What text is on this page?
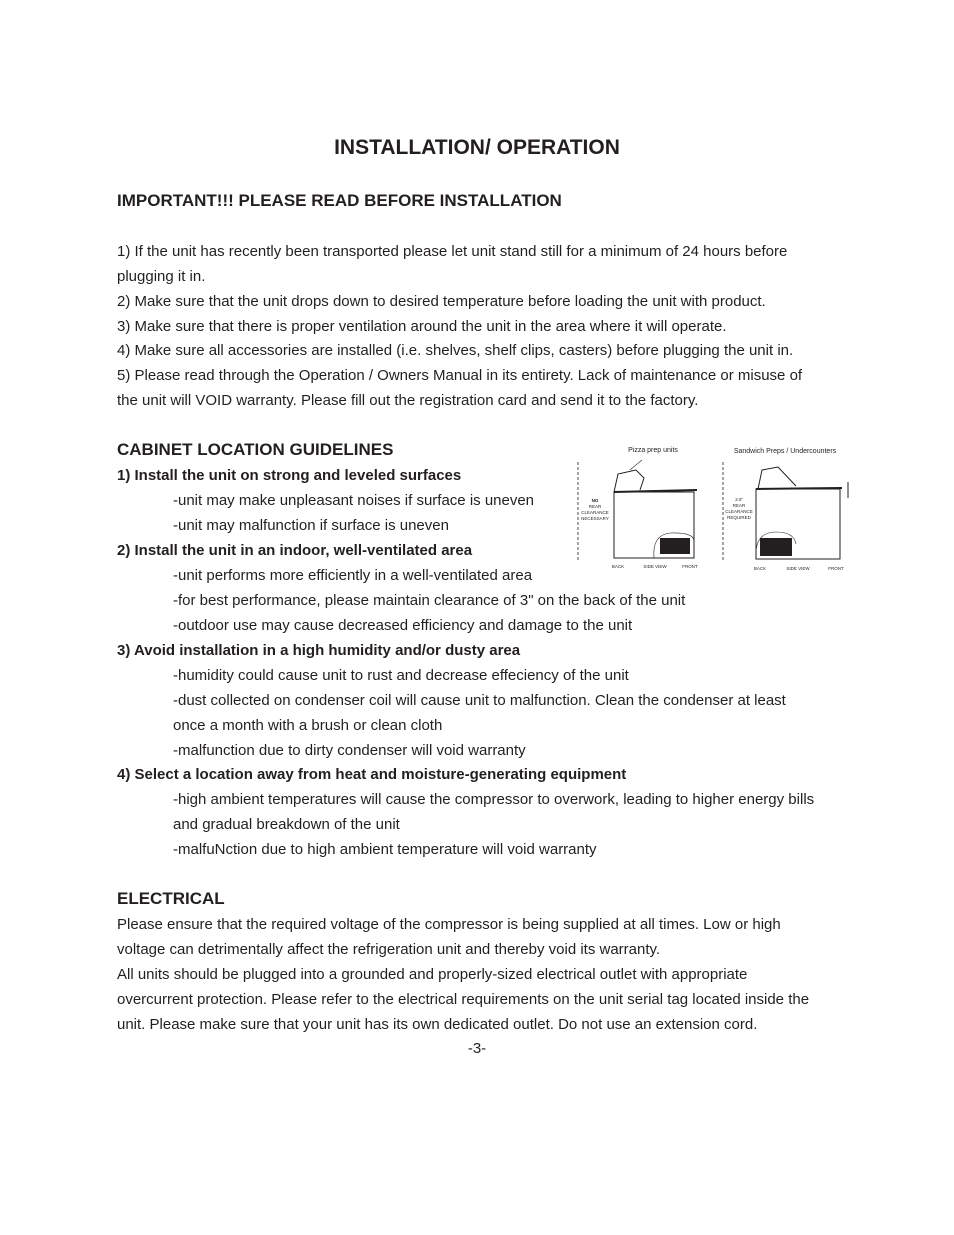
INSTALLATION/ OPERATION
IMPORTANT!!! PLEASE READ BEFORE INSTALLATION
1) If the unit has recently been transported please let unit stand still for a minimum of 24 hours before
plugging it in.
2) Make sure that the unit drops down to desired temperature before loading the unit with product.
3) Make sure that there is proper ventilation around the unit in the area where it will operate.
4) Make sure all accessories are installed (i.e. shelves, shelf clips, casters) before plugging the unit in.
5) Please read through the Operation / Owners Manual in its entirety. Lack of maintenance or misuse of
the unit will VOID warranty. Please fill out the registration card and send it to the factory.
CABINET LOCATION GUIDELINES
1) Install the unit on strong and leveled surfaces
-unit may make unpleasant noises if surface is uneven
-unit may malfunction if surface is uneven
2) Install the unit in an indoor, well-ventilated area
-unit performs more efficiently in a well-ventilated area
-for best performance, please maintain clearance of 3" on the back of the unit
-outdoor use may cause decreased efficiency and damage to the unit
3) Avoid installation in a high humidity and/or dusty area
-humidity could cause unit to rust and decrease effeciency of the unit
-dust collected on condenser coil will cause unit to malfunction. Clean the condenser at least
once a month with a brush or clean cloth
-malfunction due to dirty condenser will void warranty
4) Select a location away from heat and moisture-generating equipment
-high ambient temperatures will cause the compressor to overwork, leading to higher energy bills
and gradual breakdown of the unit
-malfuNction due to high ambient temperature will void warranty
Pizza prep units
NO
REAR
CLEARANCE
NECESSARY
BACK	SIDE VIEW	FRONT
Sandwich Preps / Undercounters
3.0"
REAR
CLEARANCE
REQUIRED
BACK	SIDE VIEW	FRONT
ELECTRICAL
Please ensure that the required voltage of the compressor is being supplied at all times. Low or high
voltage can detrimentally affect the refrigeration unit and thereby void its warranty.
All units should be plugged into a grounded and properly-sized electrical outlet with appropriate
overcurrent protection. Please refer to the electrical requirements on the unit serial tag located inside the
unit. Please make sure that your unit has its own dedicated outlet. Do not use an extension cord.
-3-
